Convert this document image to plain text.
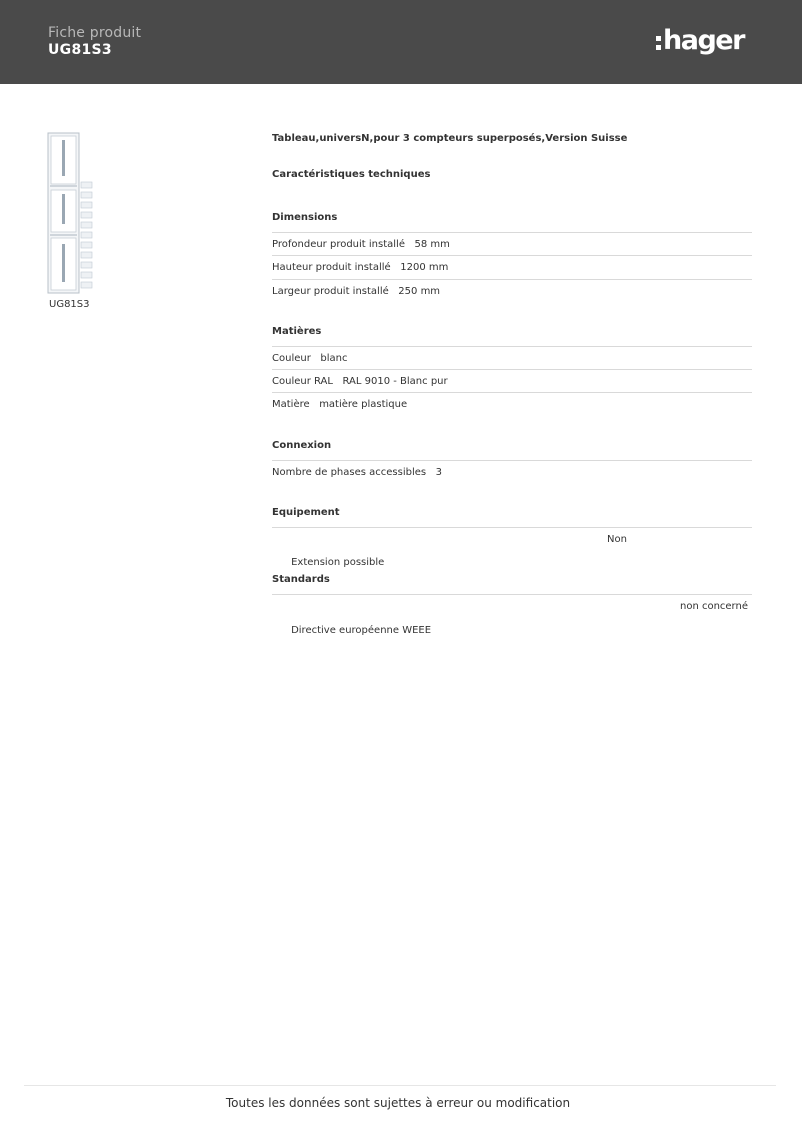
Fiche produit
UG81S3	hager
UG81S3
Tableau,universN,pour 3 compteurs superposés,Version Suisse
Caractéristiques techniques
Dimensions
Profondeur produit installé   58 mm
Hauteur produit installé   1200 mm
Largeur produit installé   250 mm
Matières
Couleur   blanc
Couleur RAL   RAL 9010 - Blanc pur
Matière   matière plastique
Connexion
Nombre de phases accessibles   3
Equipement

Extension possible

Non

Standards

Directive européenne WEEE

non concerné

Toutes les données sont sujettes à erreur ou modification
